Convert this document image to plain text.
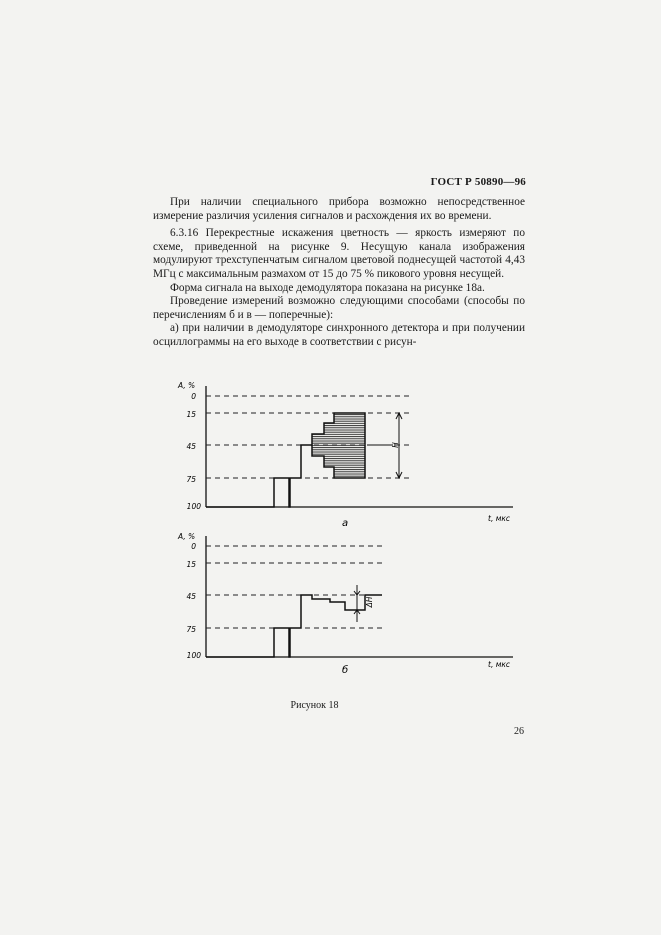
ГОСТ Р 50890—96

При наличии специального прибора возможно непосредственное измерение различия усиления сигналов и расхождения их во времени.

6.3.16 Перекрестные искажения цветность — яркость измеряют по схеме, приведенной на рисунке 9. Несущую канала изображения модулируют трехступенчатым сигналом цветовой поднесущей частотой 4,43 МГц с максимальным размахом от 15 до 75 % пикового уровня несущей.

Форма сигнала на выходе демодулятора показана на рисунке 18а.

Проведение измерений возможно следующими способами (способы по перечислениям б и в — поперечные):

а) при наличии в демодуляторе синхронного детектора и при получении осциллограммы на его выходе в соответствии с рисун-

A, %
0
15
45
75
100
t, мкс
H
а
A, %
0
15
45
75
100
t, мкс
ΔH
б
Рисунок 18
26
